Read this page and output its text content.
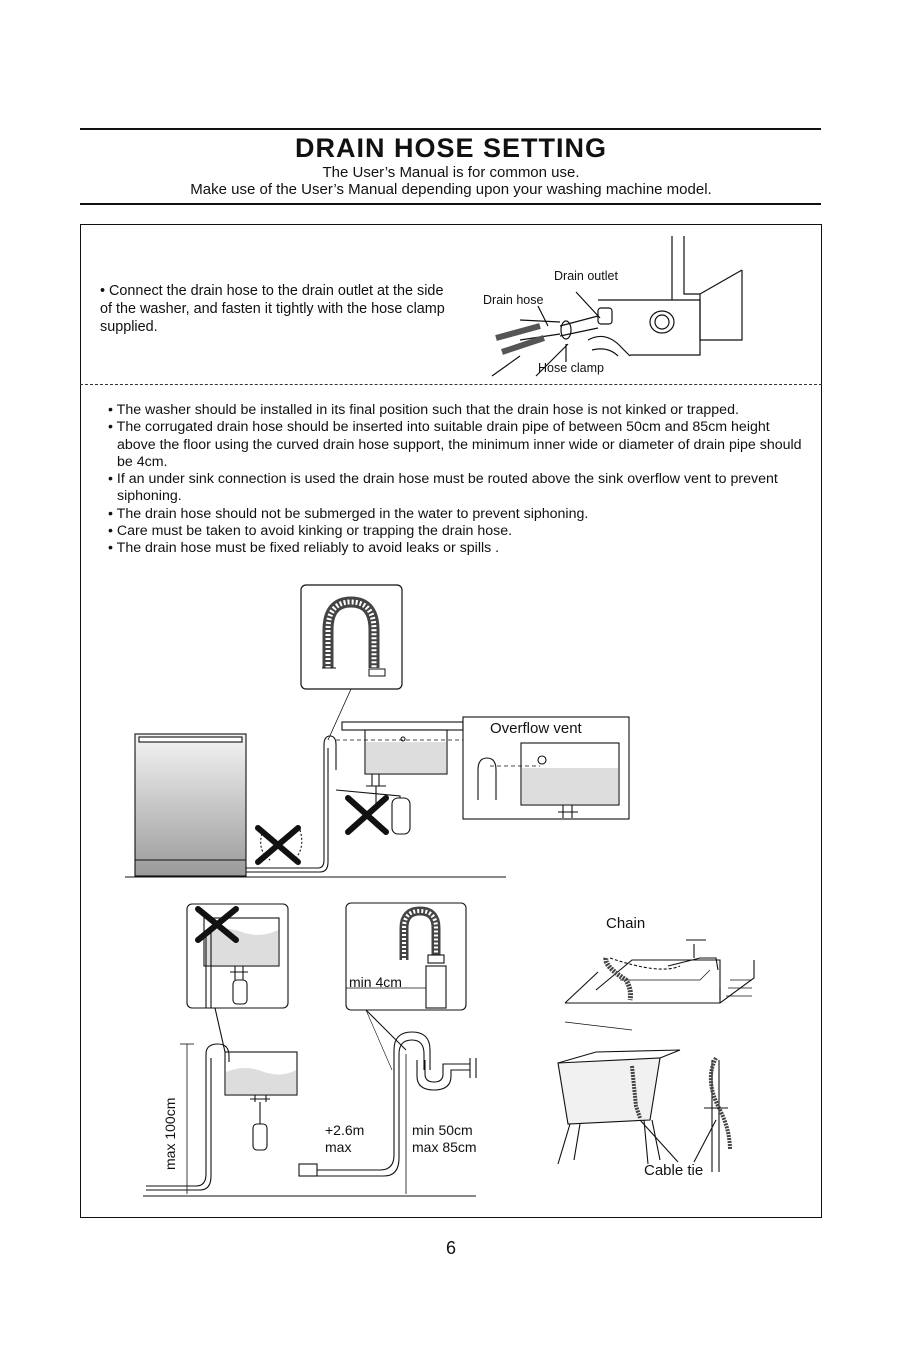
DRAIN HOSE SETTING
The User’s Manual is for common use.
Make use of the User’s Manual depending upon your washing machine model.
• Connect the drain hose to the drain outlet at the side of the washer, and fasten it tightly with the hose clamp supplied.
Drain outlet
Drain hose
Hose clamp
• The washer should be installed in its final position such that the drain hose is not kinked or trapped.
• The corrugated drain hose should be inserted into suitable drain pipe of between 50cm and 85cm height above the floor using the curved drain hose support, the minimum inner wide or diameter of drain pipe should be 4cm.
• If an under sink connection is used the drain hose must be routed above the sink overflow vent to prevent siphoning.
• The drain hose should not be submerged in the water to prevent siphoning.
• Care must be taken to avoid kinking or trapping the drain hose.
• The drain hose must be fixed reliably to avoid leaks or spills .
Overflow vent
min 4cm
max 100cm	+2.6m
max
min 50cm
max 85cm
Chain
Cable tie
6
